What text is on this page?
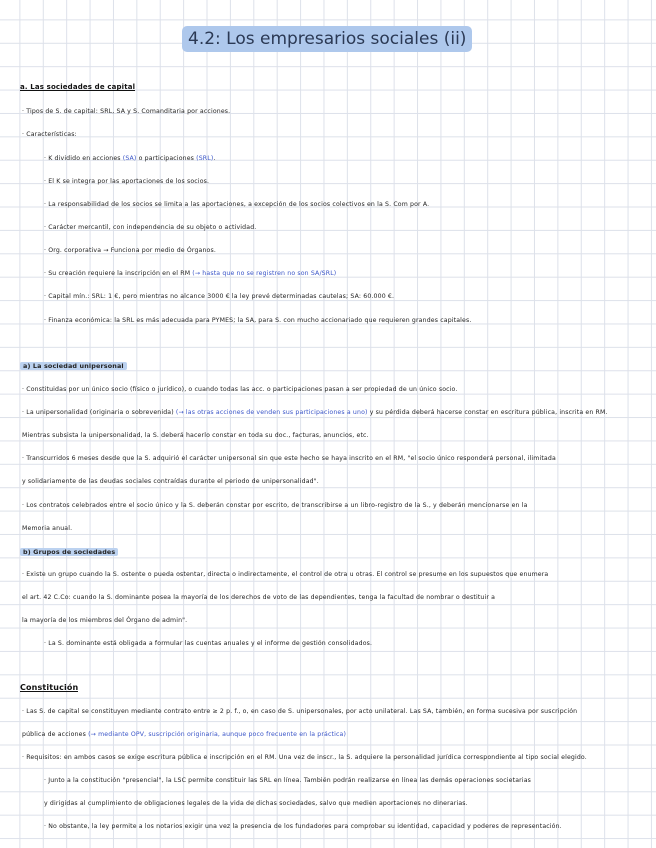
4.2: Los empresarios sociales (ii)
a. Las sociedades de capital
· Tipos de S. de capital: SRL, SA y S. Comanditaria por acciones.
· Características:
· K dividido en acciones (SA) o participaciones (SRL).
· El K se integra por las aportaciones de los socios.
· La responsabilidad de los socios se limita a las aportaciones, a excepción de los socios colectivos en la S. Com por A.
· Carácter mercantil, con independencia de su objeto o actividad.
· Org. corporativa → Funciona por medio de Órganos.
· Su creación requiere la inscripción en el RM (→ hasta que no se registren no son SA/SRL)
· Capital mín.: SRL: 1 €, pero mientras no alcance 3000 € la ley prevé determinadas cautelas; SA: 60.000 €.
· Finanza económica: la SRL es más adecuada para PYMES; la SA, para S. con mucho accionariado que requieren grandes capitales.
a) La sociedad unipersonal
· Constituidas por un único socio (físico o jurídico), o cuando todas las acc. o participaciones pasan a ser propiedad de un único socio.
· La unipersonalidad (originaria o sobrevenida) (→ las otras acciones de venden sus participaciones a uno) y su pérdida deberá hacerse constar en escritura pública, inscrita en RM.
Mientras subsista la unipersonalidad, la S. deberá hacerlo constar en toda su doc., facturas, anuncios, etc.
· Transcurridos 6 meses desde que la S. adquirió el carácter unipersonal sin que este hecho se haya inscrito en el RM, "el socio único responderá personal, ilimitada
y solidariamente de las deudas sociales contraídas durante el periodo de unipersonalidad".
· Los contratos celebrados entre el socio único y la S. deberán constar por escrito, de transcribirse a un libro-registro de la S., y deberán mencionarse en la
Memoria anual.
b) Grupos de sociedades
· Existe un grupo cuando la S. ostente o pueda ostentar, directa o indirectamente, el control de otra u otras. El control se presume en los supuestos que enumera
el art. 42 C.Co: cuando la S. dominante posea la mayoría de los derechos de voto de las dependientes, tenga la facultad de nombrar o destituir a
la mayoría de los miembros del Órgano de admin".
· La S. dominante está obligada a formular las cuentas anuales y el informe de gestión consolidados.
Constitución
· Las S. de capital se constituyen mediante contrato entre ≥ 2 p. f., o, en caso de S. unipersonales, por acto unilateral. Las SA, también, en forma sucesiva por suscripción
pública de acciones (→ mediante OPV, suscripción originaria, aunque poco frecuente en la práctica)
· Requisitos: en ambos casos se exige escritura pública e inscripción en el RM. Una vez de inscr., la S. adquiere la personalidad jurídica correspondiente al tipo social elegido.
· Junto a la constitución "presencial", la LSC permite constituir las SRL en línea. También podrán realizarse en línea las demás operaciones societarias
y dirigidas al cumplimiento de obligaciones legales de la vida de dichas sociedades, salvo que medien aportaciones no dinerarias.
· No obstante, la ley permite a los notarios exigir una vez la presencia de los fundadores para comprobar su identidad, capacidad y poderes de representación.
